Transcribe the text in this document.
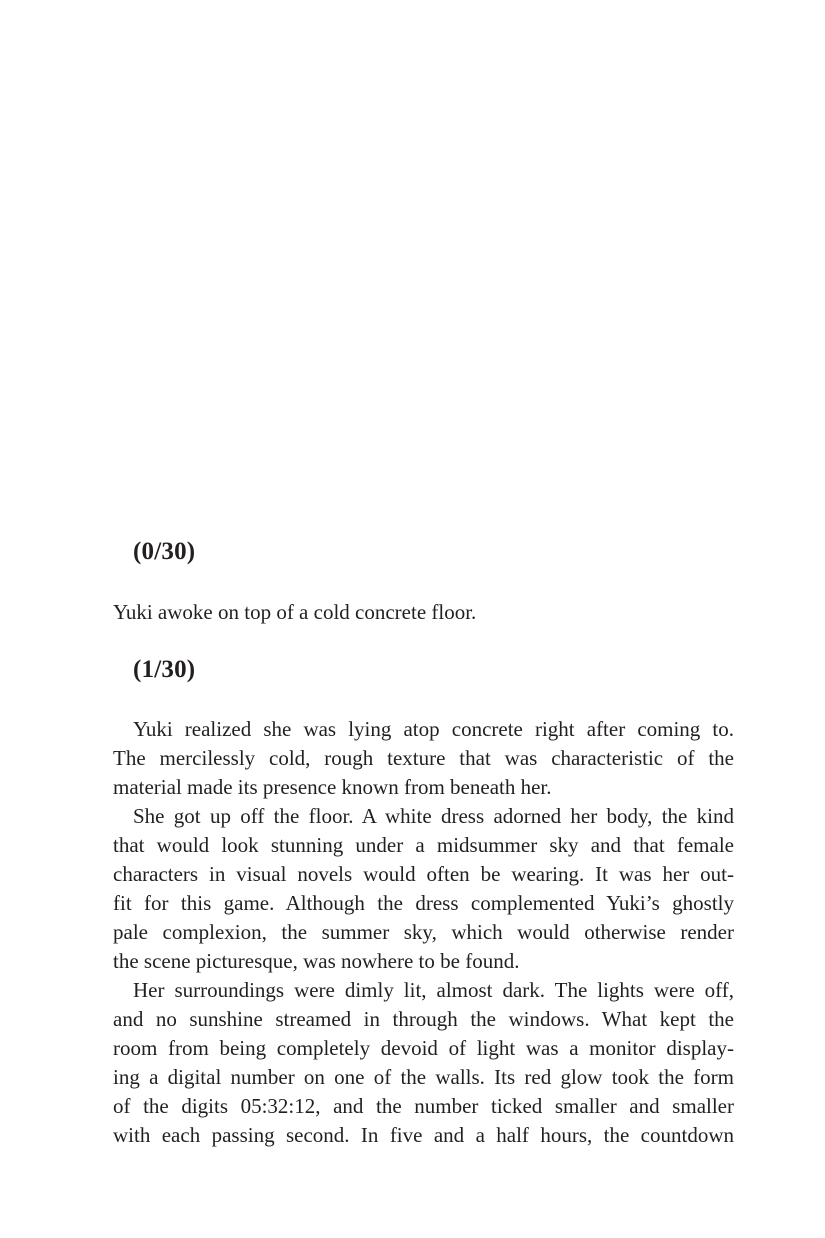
(0/30)

Yuki awoke on top of a cold concrete floor.

(1/30)
Yuki realized she was lying atop concrete right after coming to.
The mercilessly cold, rough texture that was characteristic of the
material made its presence known from beneath her.
She got up off the floor. A white dress adorned her body, the kind
that would look stunning under a midsummer sky and that female
characters in visual novels would often be wearing. It was her out-
fit for this game. Although the dress complemented Yuki’s ghostly
pale complexion, the summer sky, which would otherwise render
the scene picturesque, was nowhere to be found.
Her surroundings were dimly lit, almost dark. The lights were off,
and no sunshine streamed in through the windows. What kept the
room from being completely devoid of light was a monitor display-
ing a digital number on one of the walls. Its red glow took the form
of the digits 05:32:12, and the number ticked smaller and smaller
with each passing second. In five and a half hours, the countdown
